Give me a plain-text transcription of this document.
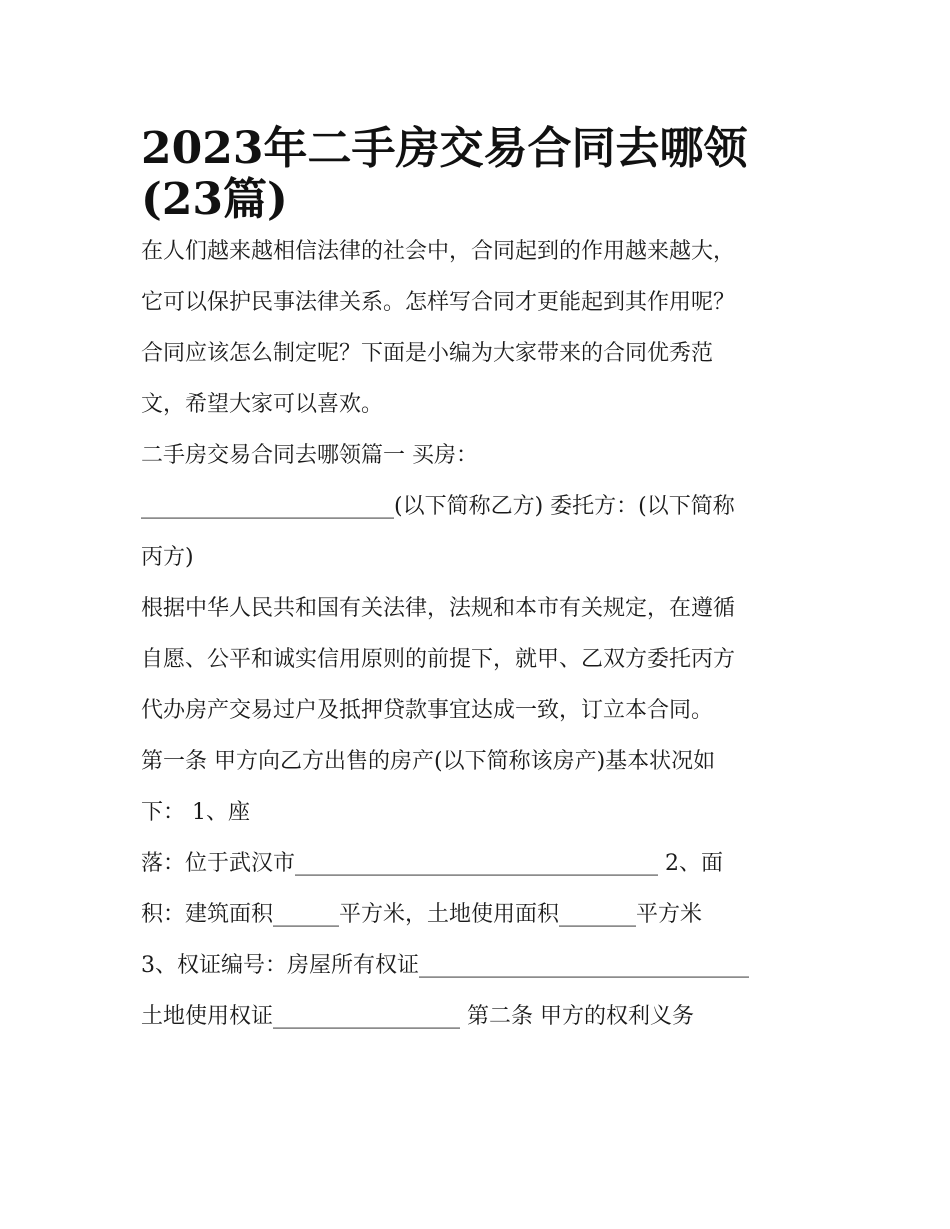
2023年二手房交易合同去哪领
(23篇)
在人们越来越相信法律的社会中，合同起到的作用越来越大，
它可以保护民事法律关系。怎样写合同才更能起到其作用呢？
合同应该怎么制定呢？下面是小编为大家带来的合同优秀范
文，希望大家可以喜欢。
二手房交易合同去哪领篇一 买房：
_______________________(以下简称乙方) 委托方：(以下简称
丙方)
根据中华人民共和国有关法律，法规和本市有关规定，在遵循
自愿、公平和诚实信用原则的前提下，就甲、乙双方委托丙方
代办房产交易过户及抵押贷款事宜达成一致，订立本合同。
第一条 甲方向乙方出售的房产(以下简称该房产)基本状况如
下： 1、座
落：位于武汉市_________________________________ 2、面
积：建筑面积______平方米，土地使用面积_______平方米
3、权证编号：房屋所有权证______________________________
土地使用权证_________________ 第二条 甲方的权利义务
